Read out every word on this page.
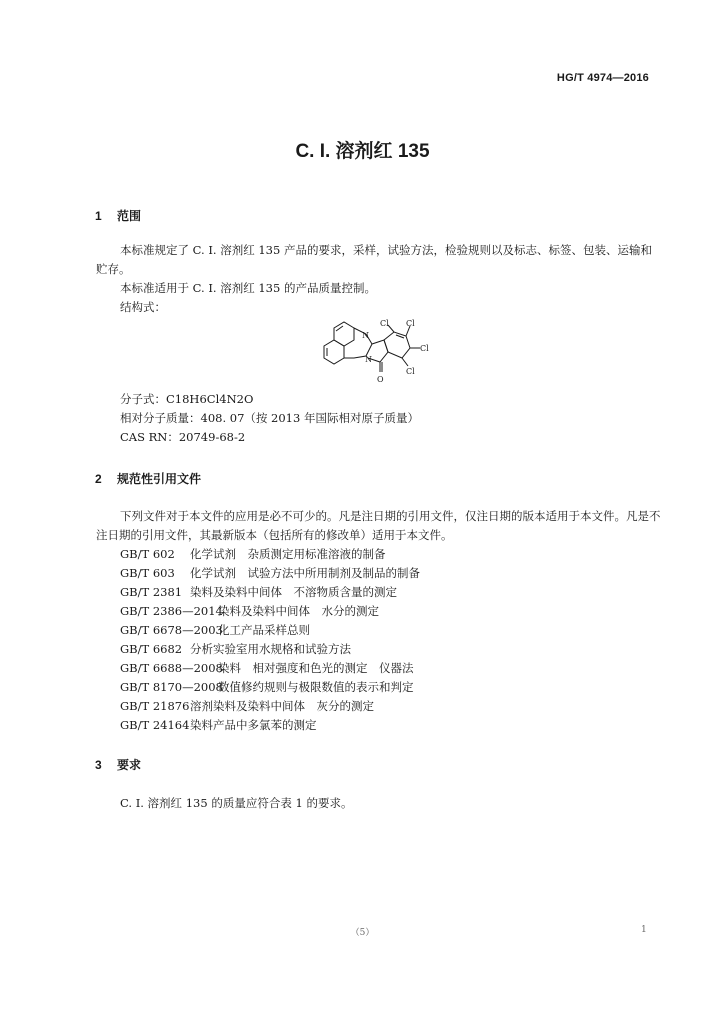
HG/T 4974—2016
C. I. 溶剂红 135
1 范围
本标准规定了 C. I. 溶剂红 135 产品的要求，采样，试验方法，检验规则以及标志、标签、包装、运输和贮存。
本标准适用于 C. I. 溶剂红 135 的产品质量控制。
结构式：
N
N
Cl Cl
Cl
Cl
O
分子式：C18H6Cl4N2O
相对分子质量：408. 07（按 2013 年国际相对原子质量）
CAS RN：20749-68-2
2 规范性引用文件
下列文件对于本文件的应用是必不可少的。凡是注日期的引用文件，仅注日期的版本适用于本文件。凡是不注日期的引用文件，其最新版本（包括所有的修改单）适用于本文件。
GB/T 602 化学试剂　杂质测定用标准溶液的制备
GB/T 603 化学试剂　试验方法中所用制剂及制品的制备
GB/T 2381 染料及染料中间体　不溶物质含量的测定
GB/T 2386—2014染料及染料中间体　水分的测定
GB/T 6678—2003化工产品采样总则
GB/T 6682 分析实验室用水规格和试验方法
GB/T 6688—2008染料　相对强度和色光的测定　仪器法
GB/T 8170—2008数值修约规则与极限数值的表示和判定
GB/T 21876溶剂染料及染料中间体　灰分的测定
GB/T 24164染料产品中多氯苯的测定
3 要求
C. I. 溶剂红 135 的质量应符合表 1 的要求。
（5）	1
